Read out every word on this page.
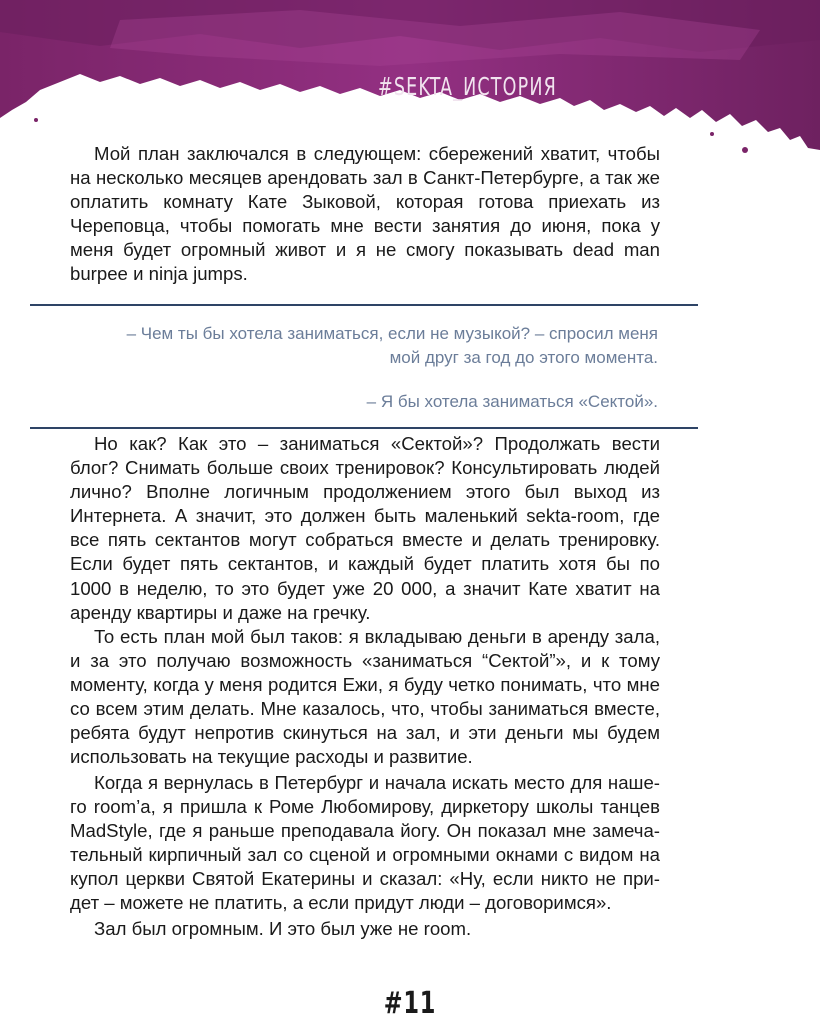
#SEKTA_ИСТОРИЯ

Мой план заключался в следующем: сбережений хватит, чтобы на несколько месяцев арендовать зал в Санкт-Петербурге, а так же оплатить комнату Кате Зыковой, которая готова приехать из Череповца, чтобы помогать мне вести занятия до июня, пока у меня будет огромный живот и я не смогу показывать dead man burpee и ninja jumps.

– Чем ты бы хотела заниматься, если не музыкой? – спросил меня

мой друг за год до этого момента.

– Я бы хотела заниматься «Сектой».

Но как? Как это – заниматься «Сектой»? Продолжать вести блог? Снимать больше своих тренировок? Консультировать людей лично? Вполне логичным продолжением этого был выход из Интернета. А значит, это должен быть маленький sekta-room, где все пять сектантов могут собраться вместе и делать тренировку. Если будет пять сектантов, и каждый будет платить хотя бы по 1000 в неделю, то это будет уже 20 000, а значит Кате хватит на аренду квартиры и даже на гречку.

То есть план мой был таков: я вкладываю деньги в аренду зала, и за это получаю возможность «заниматься “Сектой”», и к тому моменту, когда у меня родится Ежи, я буду четко понимать, что мне со всем этим делать. Мне казалось, что, чтобы заниматься вместе, ребята будут непротив скинуться на зал, и эти деньги мы будем использовать на текущие расходы и развитие.

Когда я вернулась в Петербург и начала искать место для нашего room’а, я пришла к Роме Любомирову, диркетору школы танцев MadStyle, где я раньше преподавала йогу. Он показал мне замечательный кирпичный зал со сценой и огромными окнами с видом на купол церкви Святой Екатерины и сказал: «Ну, если никто не придет – можете не платить, а если придут люди – договоримся».

Зал был огромным. И это был уже не room.

#11
